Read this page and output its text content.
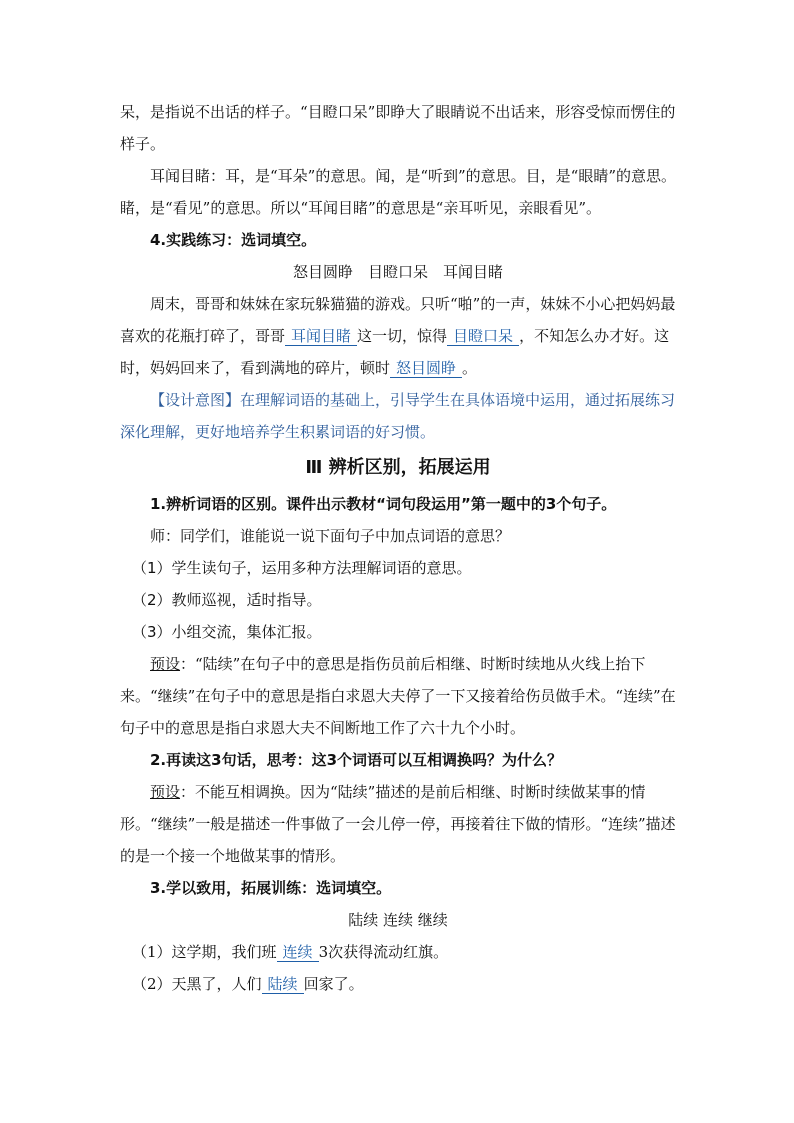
呆，是指说不出话的样子。“目瞪口呆”即睁大了眼睛说不出话来，形容受惊而愣住的样子。

耳闻目睹：耳，是“耳朵”的意思。闻，是“听到”的意思。目，是“眼睛”的意思。睹，是“看见”的意思。所以“耳闻目睹”的意思是“亲耳听见，亲眼看见”。

4.实践练习：选词填空。

怒目圆睁　目瞪口呆　耳闻目睹

周末，哥哥和妹妹在家玩躲猫猫的游戏。只听“啪”的一声，妹妹不小心把妈妈最喜欢的花瓶打碎了，哥哥 耳闻目睹 这一切，惊得 目瞪口呆 ，不知怎么办才好。这时，妈妈回来了，看到满地的碎片，顿时 怒目圆睁 。

【设计意图】在理解词语的基础上，引导学生在具体语境中运用，通过拓展练习深化理解，更好地培养学生积累词语的好习惯。

Ⅲ 辨析区别，拓展运用

1.辨析词语的区别。课件出示教材“词句段运用”第一题中的3个句子。

师：同学们，谁能说一说下面句子中加点词语的意思？

（1）学生读句子，运用多种方法理解词语的意思。

（2）教师巡视，适时指导。

（3）小组交流，集体汇报。

预设：“陆续”在句子中的意思是指伤员前后相继、时断时续地从火线上抬下来。“继续”在句子中的意思是指白求恩大夫停了一下又接着给伤员做手术。“连续”在句子中的意思是指白求恩大夫不间断地工作了六十九个小时。

2.再读这3句话，思考：这3个词语可以互相调换吗？为什么？

预设：不能互相调换。因为“陆续”描述的是前后相继、时断时续做某事的情形。“继续”一般是描述一件事做了一会儿停一停，再接着往下做的情形。“连续”描述的是一个接一个地做某事的情形。

3.学以致用，拓展训练：选词填空。

陆续 连续 继续

（1）这学期，我们班 连续 3次获得流动红旗。

（2）天黑了，人们 陆续 回家了。
